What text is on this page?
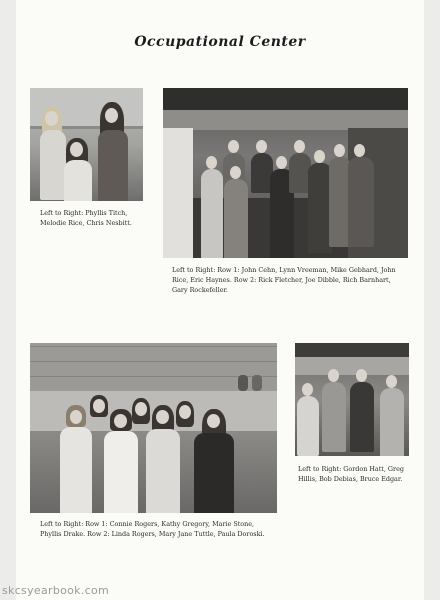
Occupational Center
Left to Right: Phyllis Titch, Melodie Rice, Chris Nesbitt.
Left to Right: Row 1: John Cehn, Lynn Vreeman, Mike Gebhard, John Rice, Eric Haynes. Row 2: Rick Fletcher, Joe Dibble, Rich Barnhart, Gary Rockefeller.
Left to Right: Row 1: Connie Rogers, Kathy Gregory, Marie Stone, Phyllis Drake. Row 2: Linda Rogers, Mary Jane Tuttle, Paula Doroski.
Left to Right: Gordon Hatt, Greg Hillis, Bob Debias, Bruce Edgar.
skcsyearbook.com
